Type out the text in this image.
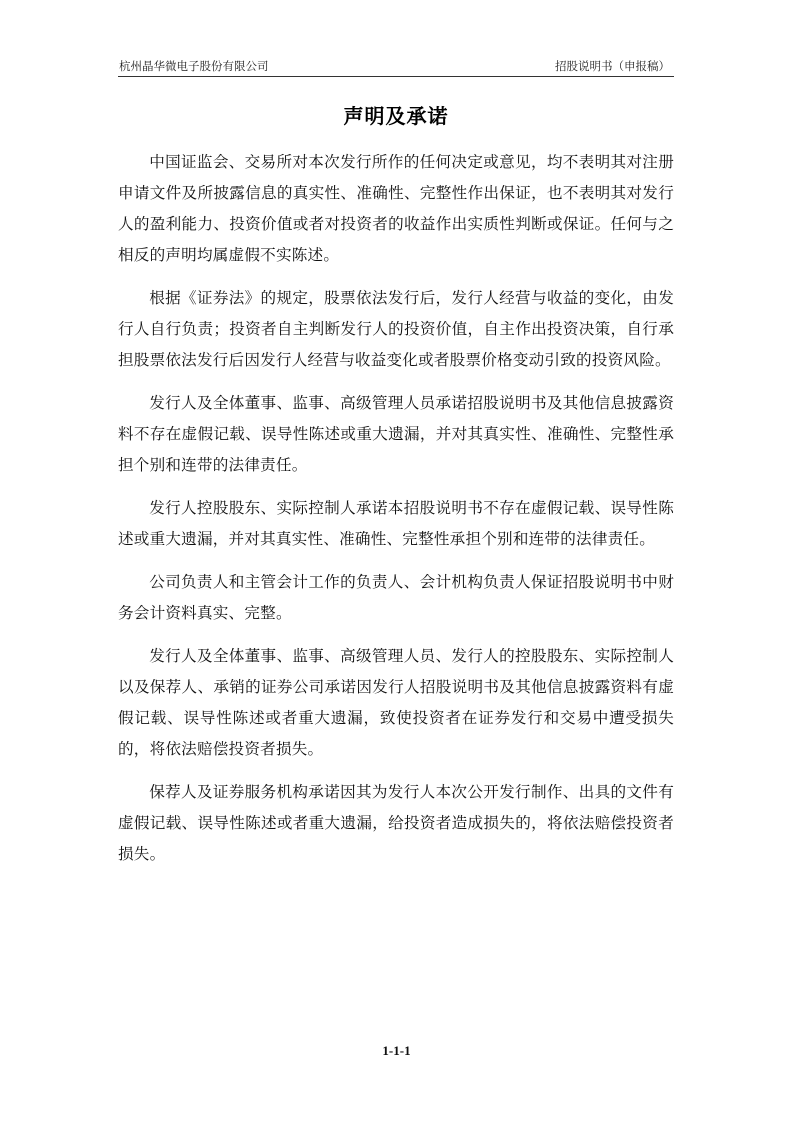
杭州晶华微电子股份有限公司	招股说明书（申报稿）
声明及承诺

中国证监会、交易所对本次发行所作的任何决定或意见，均不表明其对注册申请文件及所披露信息的真实性、准确性、完整性作出保证，也不表明其对发行人的盈利能力、投资价值或者对投资者的收益作出实质性判断或保证。任何与之相反的声明均属虚假不实陈述。

根据《证券法》的规定，股票依法发行后，发行人经营与收益的变化，由发行人自行负责；投资者自主判断发行人的投资价值，自主作出投资决策，自行承担股票依法发行后因发行人经营与收益变化或者股票价格变动引致的投资风险。

发行人及全体董事、监事、高级管理人员承诺招股说明书及其他信息披露资料不存在虚假记载、误导性陈述或重大遗漏，并对其真实性、准确性、完整性承担个别和连带的法律责任。

发行人控股股东、实际控制人承诺本招股说明书不存在虚假记载、误导性陈述或重大遗漏，并对其真实性、准确性、完整性承担个别和连带的法律责任。

公司负责人和主管会计工作的负责人、会计机构负责人保证招股说明书中财务会计资料真实、完整。

发行人及全体董事、监事、高级管理人员、发行人的控股股东、实际控制人以及保荐人、承销的证券公司承诺因发行人招股说明书及其他信息披露资料有虚假记载、误导性陈述或者重大遗漏，致使投资者在证券发行和交易中遭受损失的，将依法赔偿投资者损失。

保荐人及证券服务机构承诺因其为发行人本次公开发行制作、出具的文件有虚假记载、误导性陈述或者重大遗漏，给投资者造成损失的，将依法赔偿投资者损失。

1-1-1
